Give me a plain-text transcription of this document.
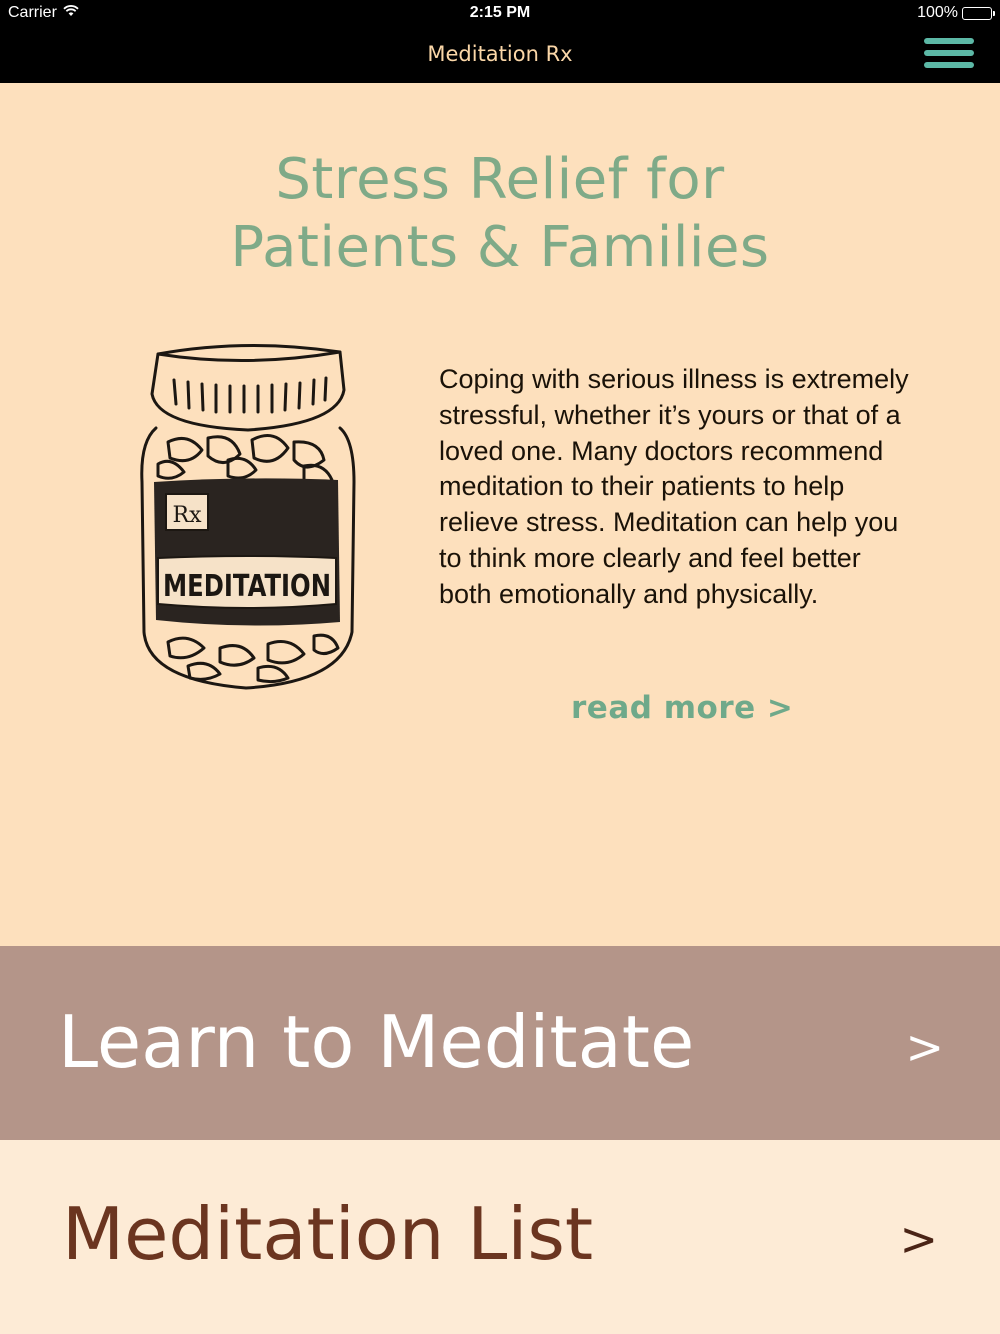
Carrier	2:15 PM	100%
Meditation Rx
Stress Relief for
Patients & Families
Rx
MEDITATION

Coping with serious illness is extremely stressful, whether it’s yours or that of a loved one. Many doctors recommend meditation to their patients to help relieve stress. Meditation can help you to think more clearly and feel better both emotionally and physically.

read more >
Learn to Meditate	>
Meditation List	>
